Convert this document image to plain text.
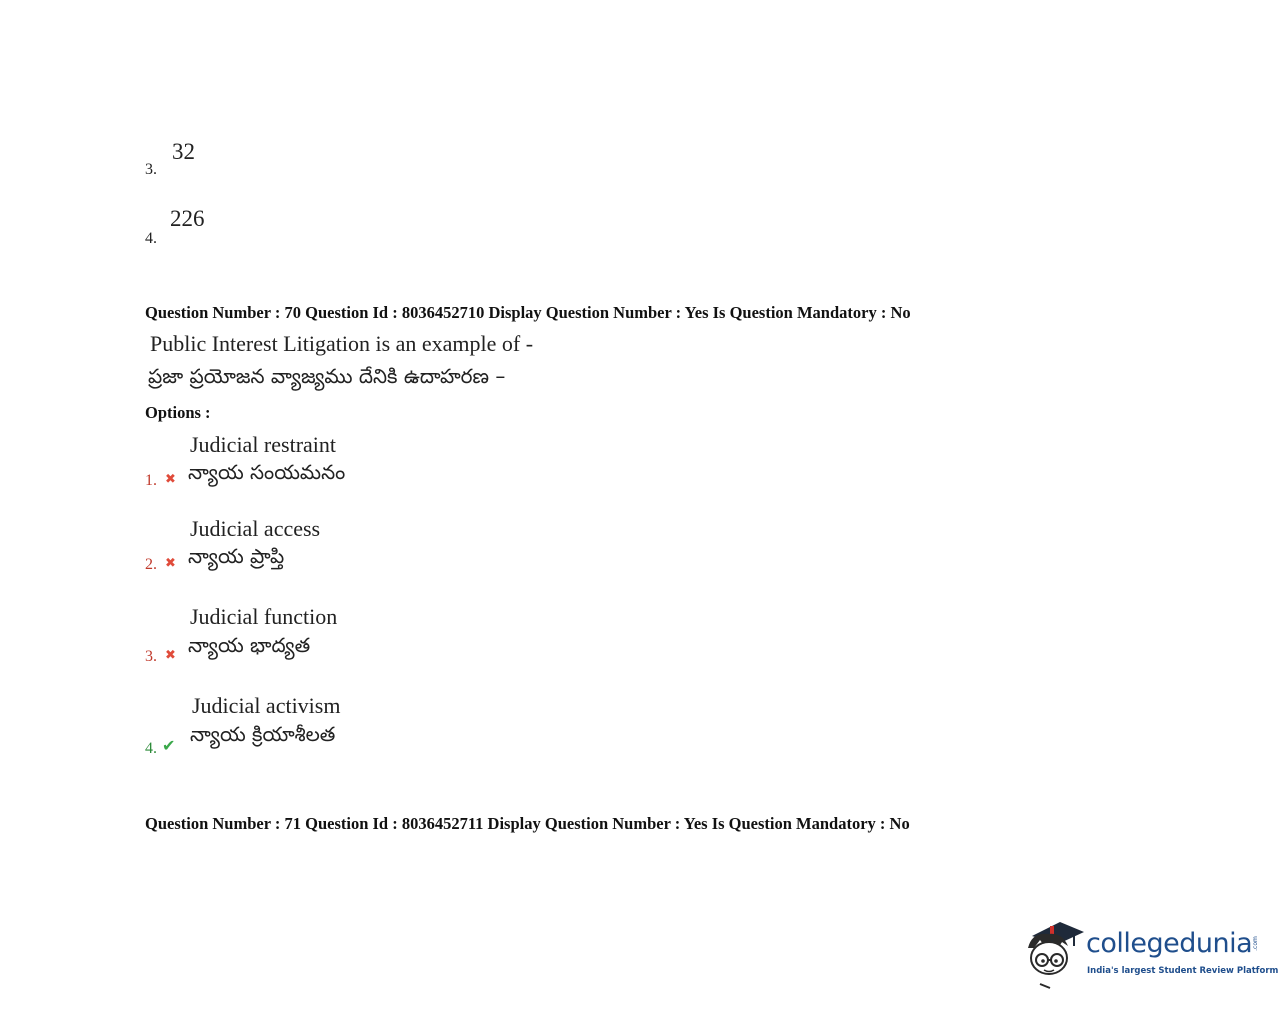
3.
32
4.
226
Question Number : 70 Question Id : 8036452710 Display Question Number : Yes Is Question Mandatory : No
Public Interest Litigation is an example of -
ప్రజా ప్రయోజన వ్యాజ్యము దేనికి ఉదాహరణ –
Options :
1. ✖
Judicial restraint
న్యాయ సంయమనం
2. ✖
Judicial access
న్యాయ ప్రాప్తి
3. ✖
Judicial function
న్యాయ భాద్యత
4. ✔
Judicial activism
న్యాయ క్రియాశీలత
Question Number : 71 Question Id : 8036452711 Display Question Number : Yes Is Question Mandatory : No
collegedunia .com
India's largest Student Review Platform
